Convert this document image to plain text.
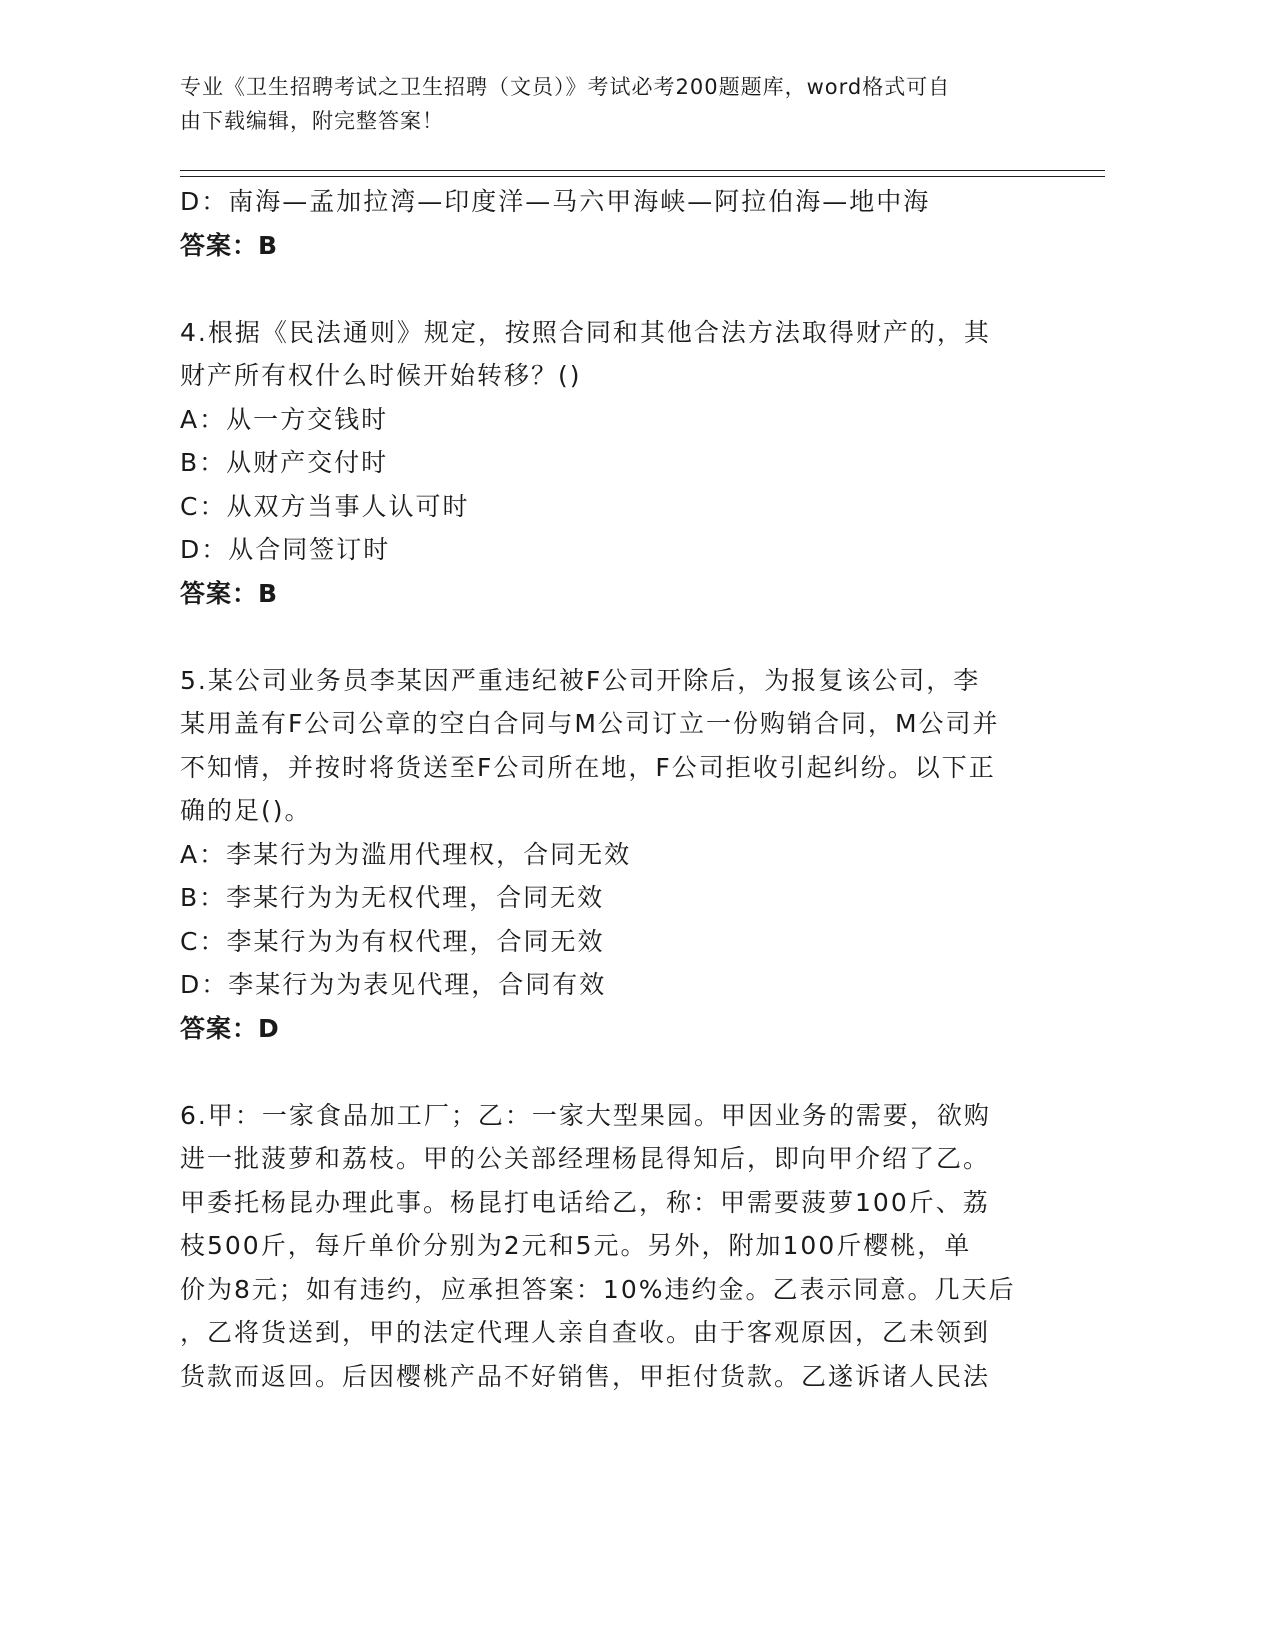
专业《卫生招聘考试之卫生招聘（文员）》考试必考200题题库，word格式可自
由下载编辑，附完整答案！
D：南海—孟加拉湾—印度洋—马六甲海峡—阿拉伯海—地中海
答案：B
4.根据《民法通则》规定，按照合同和其他合法方法取得财产的，其
财产所有权什么时候开始转移？()
A：从一方交钱时
B：从财产交付时
C：从双方当事人认可时
D：从合同签订时
答案：B
5.某公司业务员李某因严重违纪被F公司开除后，为报复该公司，李
某用盖有F公司公章的空白合同与M公司订立一份购销合同，M公司并
不知情，并按时将货送至F公司所在地，F公司拒收引起纠纷。以下正
确的足()。
A：李某行为为滥用代理权，合同无效
B：李某行为为无权代理，合同无效
C：李某行为为有权代理，合同无效
D：李某行为为表见代理，合同有效
答案：D
6.甲：一家食品加工厂；乙：一家大型果园。甲因业务的需要，欲购
进一批菠萝和荔枝。甲的公关部经理杨昆得知后，即向甲介绍了乙。
甲委托杨昆办理此事。杨昆打电话给乙，称：甲需要菠萝100斤、荔
枝500斤，每斤单价分别为2元和5元。另外，附加100斤樱桃，单
价为8元；如有违约，应承担答案：10%违约金。乙表示同意。几天后
，乙将货送到，甲的法定代理人亲自查收。由于客观原因，乙未领到
货款而返回。后因樱桃产品不好销售，甲拒付货款。乙遂诉诸人民法
